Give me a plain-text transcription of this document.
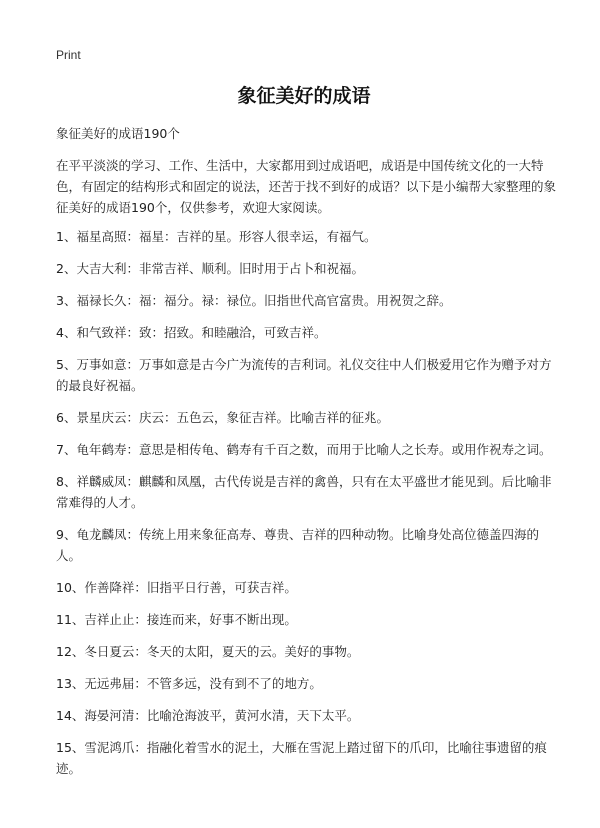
Print
象征美好的成语
象征美好的成语190个
在平平淡淡的学习、工作、生活中，大家都用到过成语吧，成语是中国传统文化的一大特色，有固定的结构形式和固定的说法，还苦于找不到好的成语？以下是小编帮大家整理的象征美好的成语190个，仅供参考，欢迎大家阅读。
1、福星高照：福星：吉祥的星。形容人很幸运，有福气。
2、大吉大利：非常吉祥、顺利。旧时用于占卜和祝福。
3、福禄长久：福：福分。禄：禄位。旧指世代高官富贵。用祝贺之辞。
4、和气致祥：致：招致。和睦融洽，可致吉祥。
5、万事如意：万事如意是古今广为流传的吉利词。礼仪交往中人们极爱用它作为赠予对方的最良好祝福。
6、景星庆云：庆云：五色云，象征吉祥。比喻吉祥的征兆。
7、龟年鹤寿：意思是相传龟、鹤寿有千百之数，而用于比喻人之长寿。或用作祝寿之词。
8、祥麟威凤：麒麟和凤凰，古代传说是吉祥的禽兽，只有在太平盛世才能见到。后比喻非常难得的人才。
9、龟龙麟凤：传统上用来象征高寿、尊贵、吉祥的四种动物。比喻身处高位德盖四海的人。
10、作善降祥：旧指平日行善，可获吉祥。
11、吉祥止止：接连而来，好事不断出现。
12、冬日夏云：冬天的太阳，夏天的云。美好的事物。
13、无远弗届：不管多远，没有到不了的地方。
14、海晏河清：比喻沧海波平，黄河水清，天下太平。
15、雪泥鸿爪：指融化着雪水的泥土，大雁在雪泥上踏过留下的爪印，比喻往事遗留的痕迹。
